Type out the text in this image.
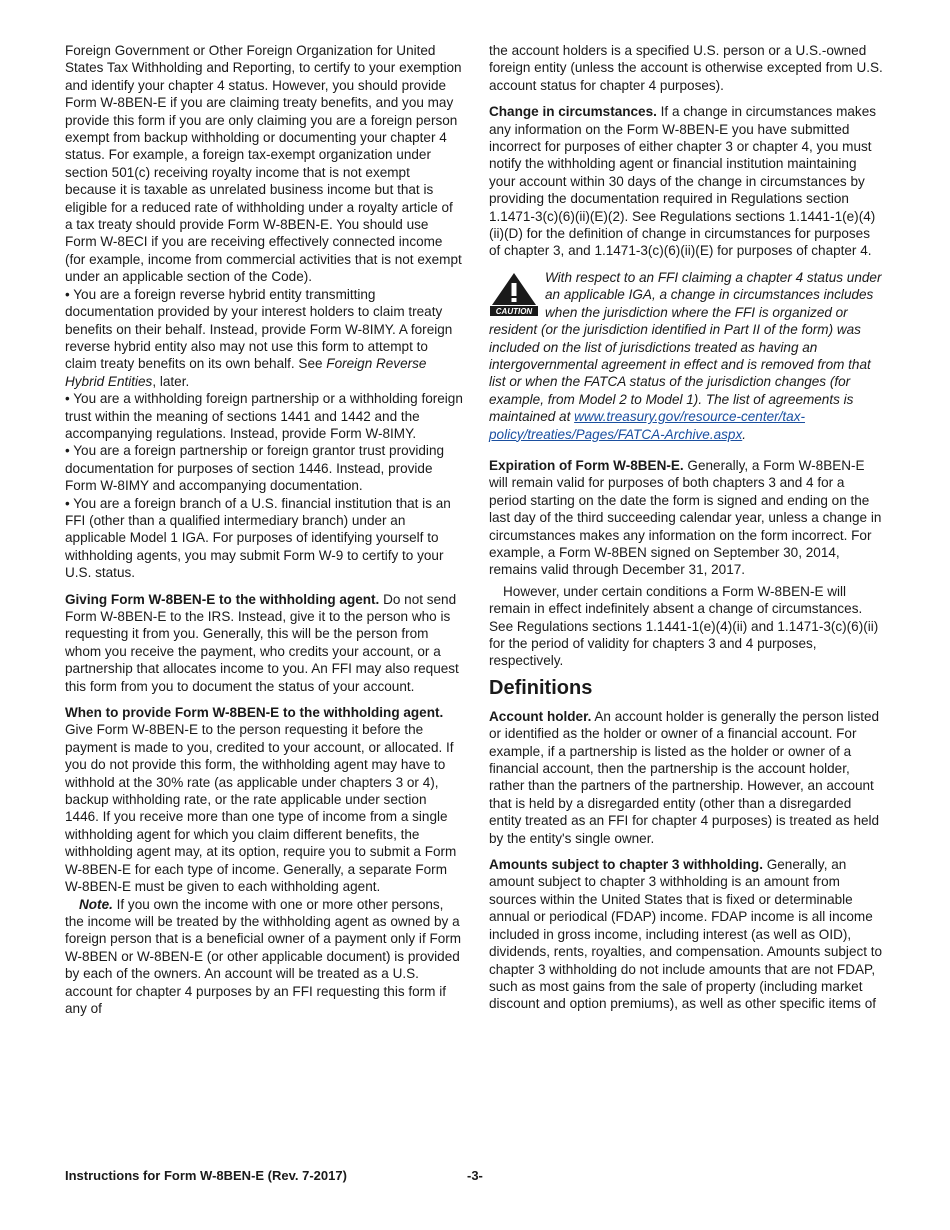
Foreign Government or Other Foreign Organization for United States Tax Withholding and Reporting, to certify to your exemption and identify your chapter 4 status. However, you should provide Form W-8BEN-E if you are claiming treaty benefits, and you may provide this form if you are only claiming you are a foreign person exempt from backup withholding or documenting your chapter 4 status. For example, a foreign tax-exempt organization under section 501(c) receiving royalty income that is not exempt because it is taxable as unrelated business income but that is eligible for a reduced rate of withholding under a royalty article of a tax treaty should provide Form W-8BEN-E. You should use Form W-8ECI if you are receiving effectively connected income (for example, income from commercial activities that is not exempt under an applicable section of the Code).

• You are a foreign reverse hybrid entity transmitting documentation provided by your interest holders to claim treaty benefits on their behalf. Instead, provide Form W-8IMY. A foreign reverse hybrid entity also may not use this form to attempt to claim treaty benefits on its own behalf. See Foreign Reverse Hybrid Entities, later.

• You are a withholding foreign partnership or a withholding foreign trust within the meaning of sections 1441 and 1442 and the accompanying regulations. Instead, provide Form W-8IMY.

• You are a foreign partnership or foreign grantor trust providing documentation for purposes of section 1446. Instead, provide Form W-8IMY and accompanying documentation.

• You are a foreign branch of a U.S. financial institution that is an FFI (other than a qualified intermediary branch) under an applicable Model 1 IGA. For purposes of identifying yourself to withholding agents, you may submit Form W-9 to certify to your U.S. status.

Giving Form W-8BEN-E to the withholding agent. Do not send Form W-8BEN-E to the IRS. Instead, give it to the person who is requesting it from you. Generally, this will be the person from whom you receive the payment, who credits your account, or a partnership that allocates income to you. An FFI may also request this form from you to document the status of your account.

When to provide Form W-8BEN-E to the withholding agent. Give Form W-8BEN-E to the person requesting it before the payment is made to you, credited to your account, or allocated. If you do not provide this form, the withholding agent may have to withhold at the 30% rate (as applicable under chapters 3 or 4), backup withholding rate, or the rate applicable under section 1446. If you receive more than one type of income from a single withholding agent for which you claim different benefits, the withholding agent may, at its option, require you to submit a Form W-8BEN-E for each type of income. Generally, a separate Form W-8BEN-E must be given to each withholding agent.

Note. If you own the income with one or more other persons, the income will be treated by the withholding agent as owned by a foreign person that is a beneficial owner of a payment only if Form W-8BEN or W-8BEN-E (or other applicable document) is provided by each of the owners. An account will be treated as a U.S. account for chapter 4 purposes by an FFI requesting this form if any of

the account holders is a specified U.S. person or a U.S.-owned foreign entity (unless the account is otherwise excepted from U.S. account status for chapter 4 purposes).

Change in circumstances. If a change in circumstances makes any information on the Form W-8BEN-E you have submitted incorrect for purposes of either chapter 3 or chapter 4, you must notify the withholding agent or financial institution maintaining your account within 30 days of the change in circumstances by providing the documentation required in Regulations section 1.1471-3(c)(6)(ii)(E)(2). See Regulations sections 1.1441-1(e)(4)(ii)(D) for the definition of change in circumstances for purposes of chapter 3, and 1.1471-3(c)(6)(ii)(E) for purposes of chapter 4.

CAUTION

With respect to an FFI claiming a chapter 4 status under an applicable IGA, a change in circumstances includes when the jurisdiction where the FFI is organized or resident (or the jurisdiction identified in Part II of the form) was included on the list of jurisdictions treated as having an intergovernmental agreement in effect and is removed from that list or when the FATCA status of the jurisdiction changes (for example, from Model 2 to Model 1). The list of agreements is maintained at www.treasury.gov/resource-center/tax-policy/treaties/Pages/FATCA-Archive.aspx.

Expiration of Form W-8BEN-E. Generally, a Form W-8BEN-E will remain valid for purposes of both chapters 3 and 4 for a period starting on the date the form is signed and ending on the last day of the third succeeding calendar year, unless a change in circumstances makes any information on the form incorrect. For example, a Form W-8BEN signed on September 30, 2014, remains valid through December 31, 2017.

However, under certain conditions a Form W-8BEN-E will remain in effect indefinitely absent a change of circumstances. See Regulations sections 1.1441-1(e)(4)(ii) and 1.1471-3(c)(6)(ii) for the period of validity for chapters 3 and 4 purposes, respectively.

Definitions

Account holder. An account holder is generally the person listed or identified as the holder or owner of a financial account. For example, if a partnership is listed as the holder or owner of a financial account, then the partnership is the account holder, rather than the partners of the partnership. However, an account that is held by a disregarded entity (other than a disregarded entity treated as an FFI for chapter 4 purposes) is treated as held by the entity's single owner.

Amounts subject to chapter 3 withholding. Generally, an amount subject to chapter 3 withholding is an amount from sources within the United States that is fixed or determinable annual or periodical (FDAP) income. FDAP income is all income included in gross income, including interest (as well as OID), dividends, rents, royalties, and compensation. Amounts subject to chapter 3 withholding do not include amounts that are not FDAP, such as most gains from the sale of property (including market discount and option premiums), as well as other specific items of

Instructions for Form W-8BEN-E (Rev. 7-2017)	-3-
